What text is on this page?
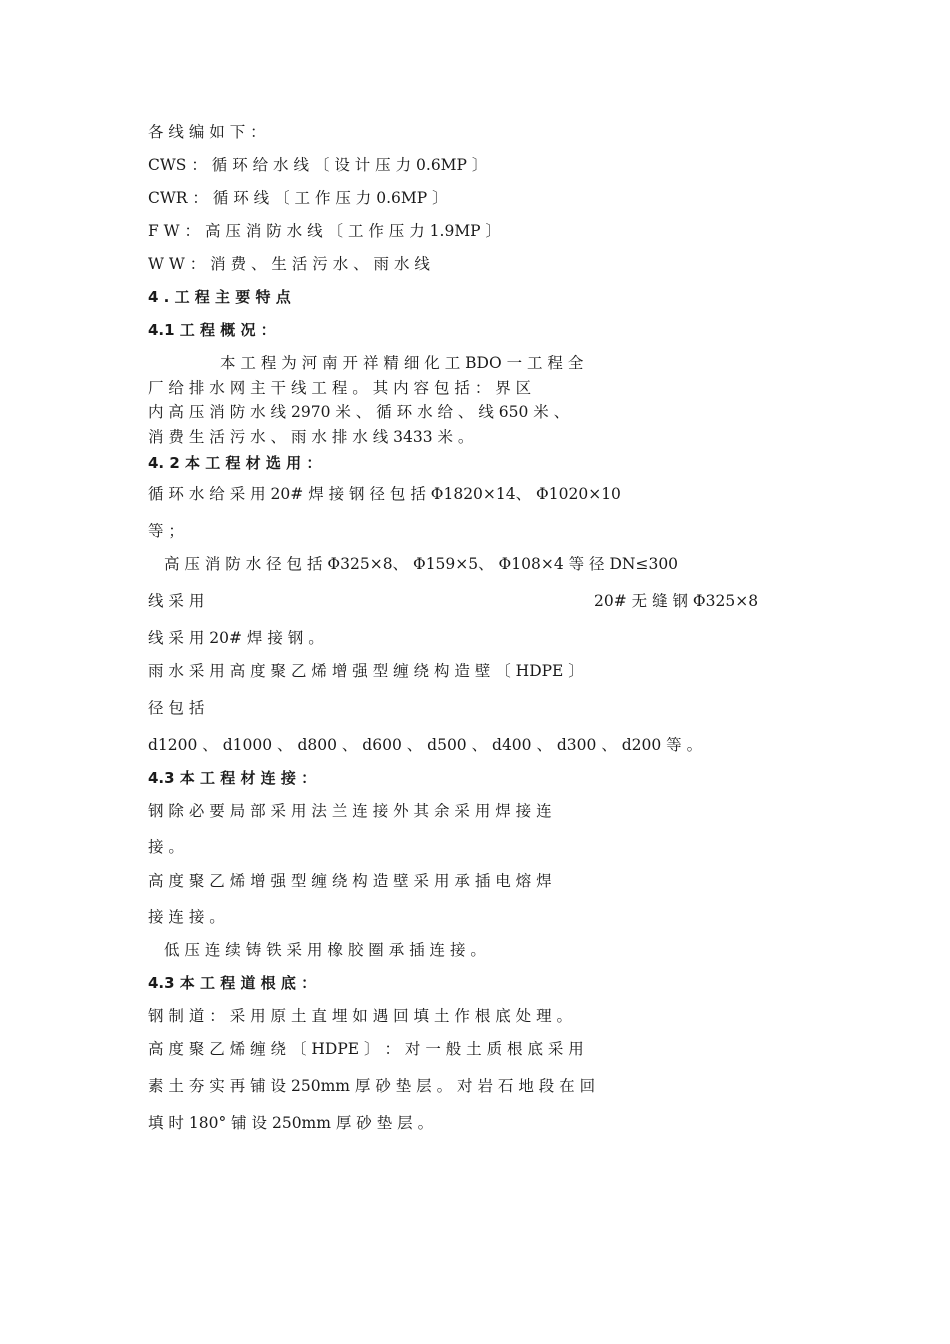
各 线 编 如 下 ：
CWS ： 循 环 给 水 线 〔 设 计 压 力 0.6MP 〕
CWR ： 循 环 线 〔 工 作 压 力 0.6MP 〕
F W ： 高 压 消 防 水 线 〔 工 作 压 力 1.9MP 〕
W W ： 消 费 、 生 活 污 水 、 雨 水 线
4 . 工 程 主 要 特 点
4.1 工 程 概 况 ：
本 工 程 为 河 南 开 祥 精 细 化 工 BDO 一 工 程 全
厂 给 排 水 网 主 干 线 工 程 。 其 内 容 包 括 ： 界 区
内 高 压 消 防 水 线 2970 米 、 循 环 水 给 、 线 650 米 、
消 费 生 活 污 水 、 雨 水 排 水 线 3433 米 。
4. 2 本 工 程 材 选 用 ：
循 环 水 给 采 用 20# 焊 接 钢 径 包 括 Φ1820×14、 Φ1020×10
等 ；
高 压 消 防 水 径 包 括 Φ325×8、 Φ159×5、 Φ108×4 等 径 DN≤300
线 采 用	20# 无 缝 钢 Φ325×8
线 采 用 20# 焊 接 钢 。
雨 水 采 用 高 度 聚 乙 烯 增 强 型 缠 绕 构 造 壁 〔 HDPE 〕
径 包 括
d1200 、 d1000 、 d800 、 d600 、 d500 、 d400 、 d300 、 d200 等 。
4.3 本 工 程 材 连 接 ：
钢 除 必 要 局 部 采 用 法 兰 连 接 外 其 余 采 用 焊 接 连
接 。
高 度 聚 乙 烯 增 强 型 缠 绕 构 造 壁 采 用 承 插 电 熔 焊
接 连 接 。
低 压 连 续 铸 铁 采 用 橡 胶 圈 承 插 连 接 。
4.3 本 工 程 道 根 底 ：
钢 制 道 ： 采 用 原 土 直 埋 如 遇 回 填 土 作 根 底 处 理 。
高 度 聚 乙 烯 缠 绕 〔 HDPE 〕 ： 对 一 般 土 质 根 底 采 用
素 土 夯 实 再 铺 设 250mm 厚 砂 垫 层 。 对 岩 石 地 段 在 回
填 时 180° 铺 设 250mm 厚 砂 垫 层 。
